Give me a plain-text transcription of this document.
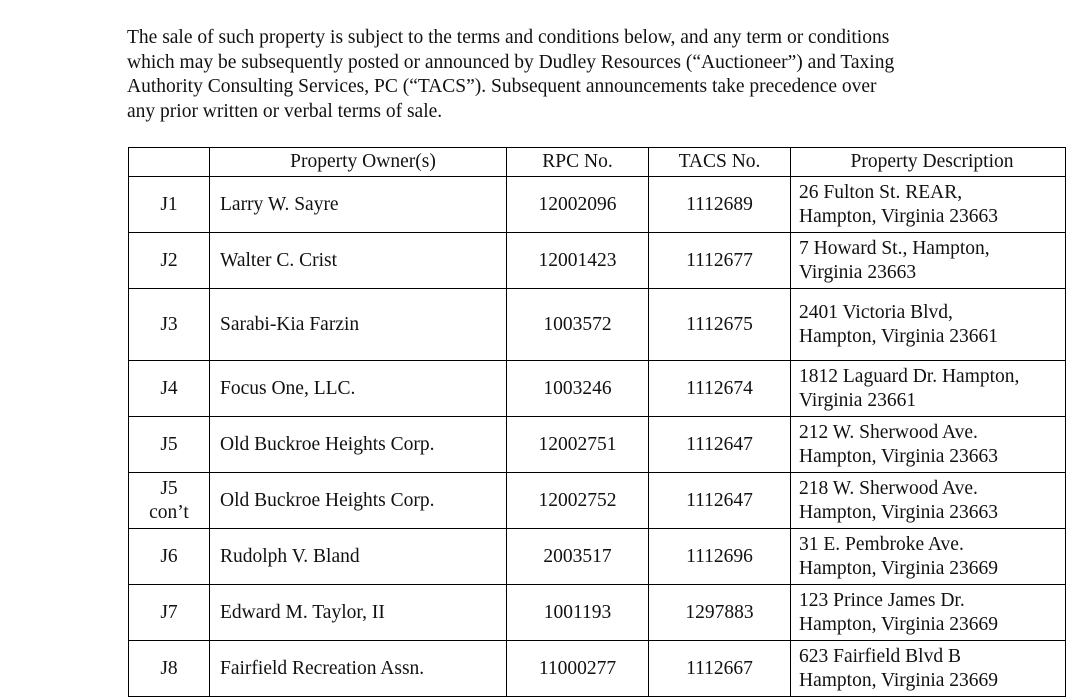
The sale of such property is subject to the terms and conditions below, and any term or conditions
which may be subsequently posted or announced by Dudley Resources (“Auctioneer”) and Taxing
Authority Consulting Services, PC (“TACS”). Subsequent announcements take precedence over
any prior written or verbal terms of sale.

	Property Owner(s)	RPC No.	TACS No.	Property Description

J1	Larry W. Sayre	12002096	1112689	26 Fulton St. REAR,
Hampton, Virginia 23663

J2	Walter C. Crist	12001423	1112677	7 Howard St., Hampton,
Virginia 23663

J3	Sarabi-Kia Farzin	1003572	1112675	2401 Victoria Blvd,
Hampton, Virginia 23661

J4	Focus One, LLC.	1003246	1112674	1812 Laguard Dr. Hampton,
Virginia 23661

J5	Old Buckroe Heights Corp.	12002751	1112647	212 W. Sherwood Ave.
Hampton, Virginia 23663

J5
con’t	Old Buckroe Heights Corp.	12002752	1112647	218 W. Sherwood Ave.
Hampton, Virginia 23663

J6	Rudolph V. Bland	2003517	1112696	31 E. Pembroke Ave.
Hampton, Virginia 23669

J7	Edward M. Taylor, II	1001193	1297883	123 Prince James Dr.
Hampton, Virginia 23669

J8	Fairfield Recreation Assn.	11000277	1112667	623 Fairfield Blvd B
Hampton, Virginia 23669
